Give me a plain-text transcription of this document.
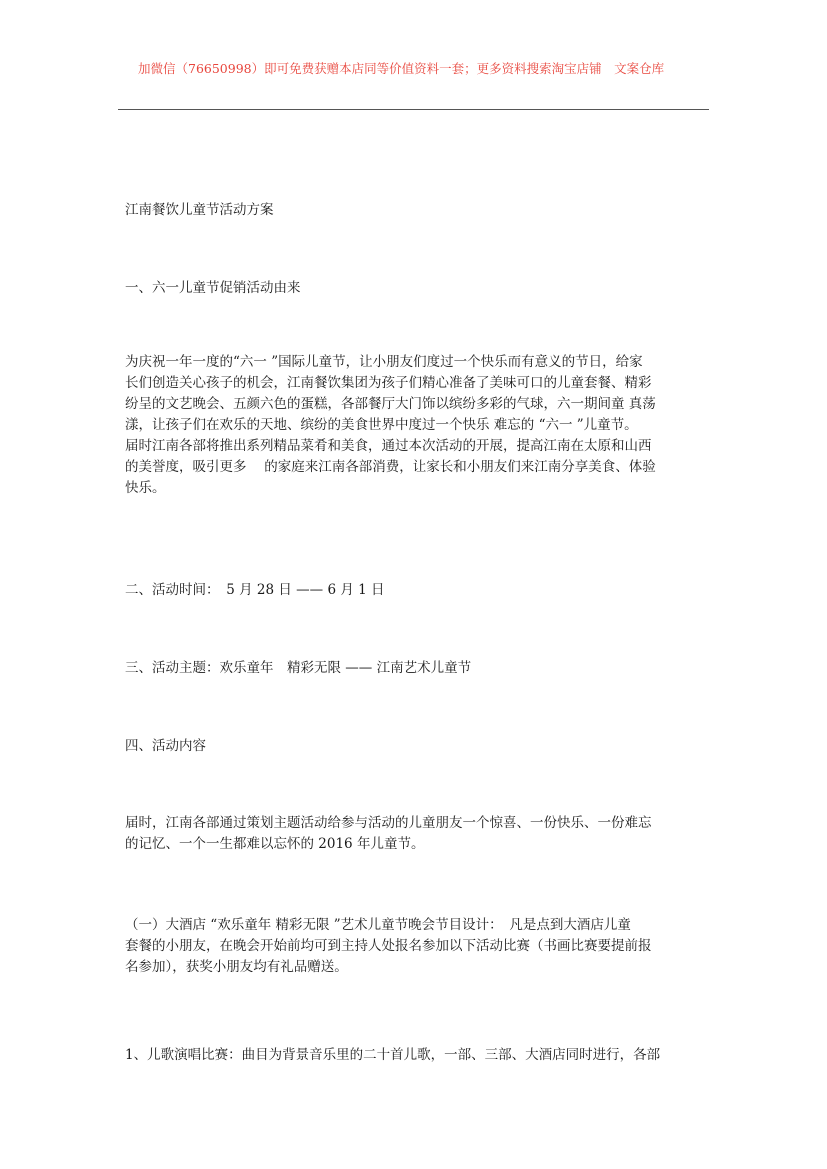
加微信（76650998）即可免费获赠本店同等价值资料一套；更多资料搜索淘宝店铺　文案仓库
江南餐饮儿童节活动方案
一、六一儿童节促销活动由来

为庆祝一年一度的“六一 ”国际儿童节，让小朋友们度过一个快乐而有意义的节日，给家

长们创造关心孩子的机会，江南餐饮集团为孩子们精心准备了美味可口的儿童套餐、精彩

纷呈的文艺晚会、五颜六色的蛋糕，各部餐厅大门饰以缤纷多彩的气球，六一期间童 真荡

漾，让孩子们在欢乐的天地、缤纷的美食世界中度过一个快乐 难忘的 “六一 ”儿童节。

届时江南各部将推出系列精品菜肴和美食，通过本次活动的开展，提高江南在太原和山西

的美誉度，吸引更多　 的家庭来江南各部消费，让家长和小朋友们来江南分享美食、体验

快乐。

二、活动时间：　5 月 28 日 —— 6 月 1 日
三、活动主题：欢乐童年　精彩无限 —— 江南艺术儿童节
四、活动内容

届时，江南各部通过策划主题活动给参与活动的儿童朋友一个惊喜、一份快乐、一份难忘

的记忆、一个一生都难以忘怀的 2016 年儿童节。

（一）大酒店 “欢乐童年 精彩无限 ”艺术儿童节晚会节目设计：　凡是点到大酒店儿童

套餐的小朋友，在晚会开始前均可到主持人处报名参加以下活动比赛（书画比赛要提前报

名参加），获奖小朋友均有礼品赠送。

1、儿歌演唱比赛：曲目为背景音乐里的二十首儿歌，一部、三部、大酒店同时进行，各部
